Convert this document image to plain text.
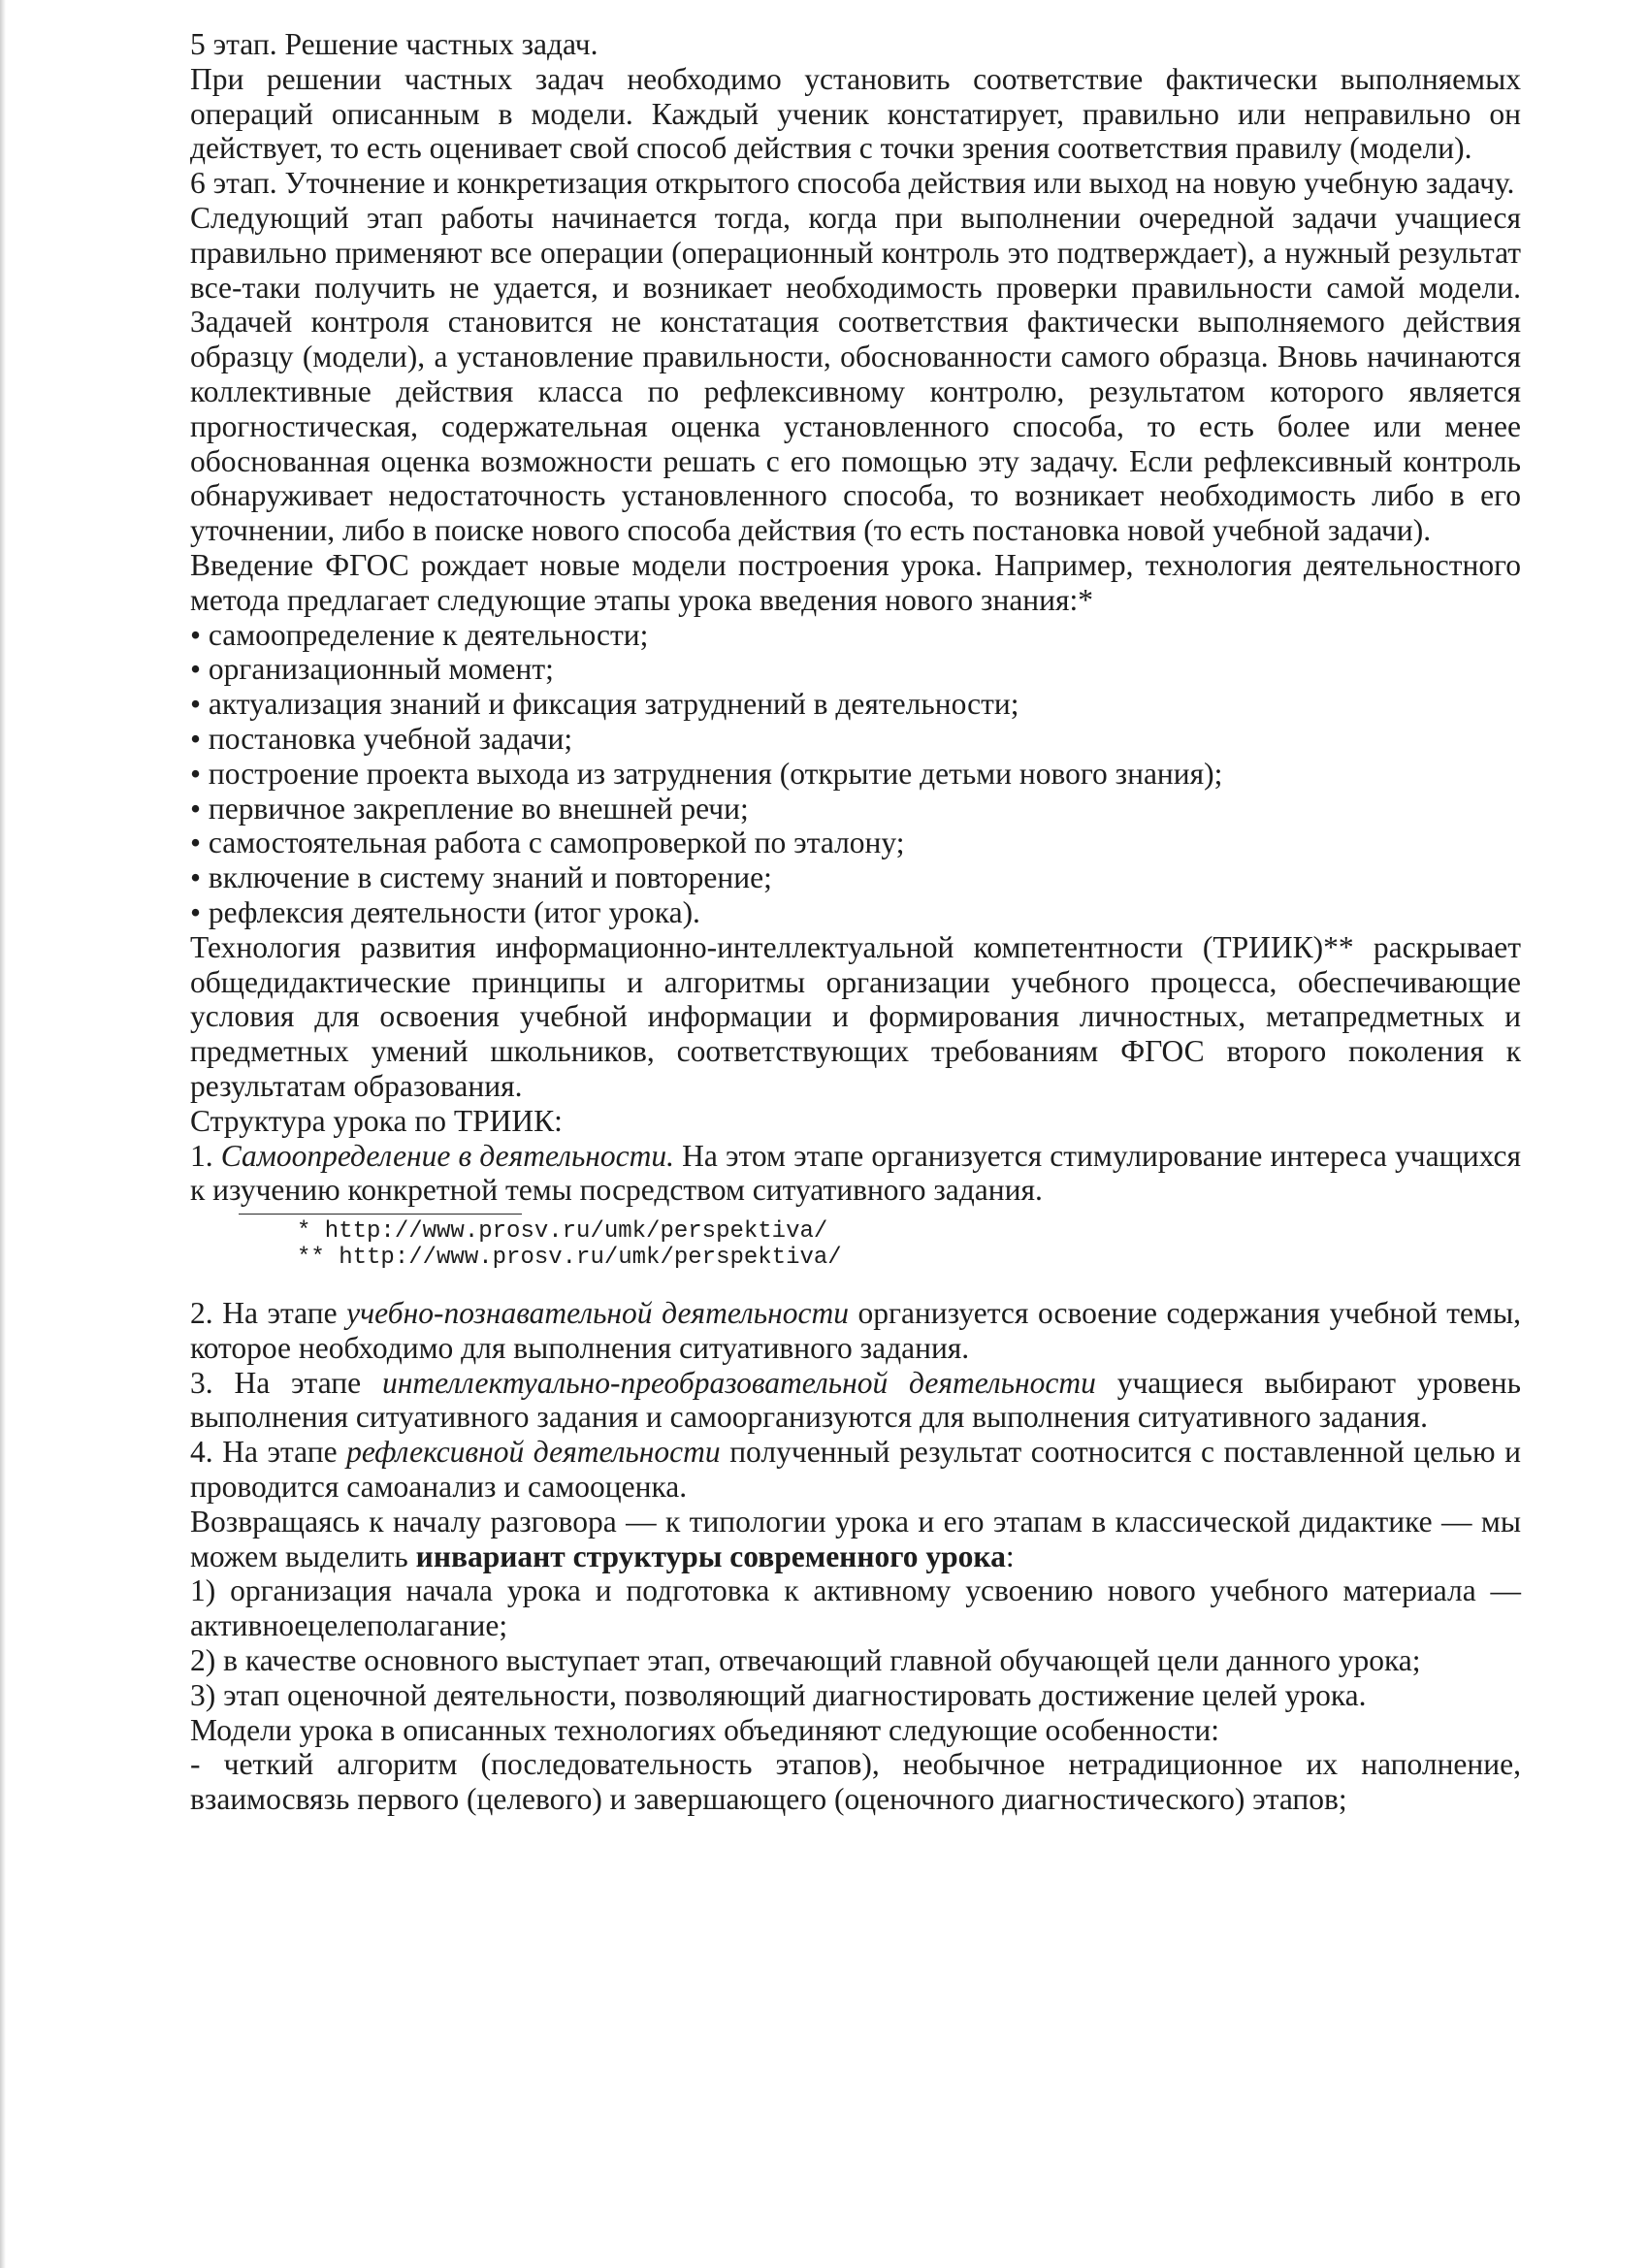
5 этап. Решение частных задач.

При решении частных задач необходимо установить соответствие фактически выполняемых операций описанным в модели. Каждый ученик констатирует, правильно или неправильно он действует, то есть оценивает свой способ действия с точки зрения соответствия правилу (модели).

6 этап. Уточнение и конкретизация открытого способа действия или выход на новую учебную задачу.

Следующий этап работы начинается тогда, когда при выполнении очередной задачи учащиеся правильно применяют все операции (операционный контроль это подтверждает), а нужный результат все-таки получить не удается, и возникает необходимость проверки правильности самой модели. Задачей контроля становится не констатация соответствия фактически выполняемого действия образцу (модели), а установление правильности, обоснованности самого образца. Вновь начинаются коллективные действия класса по рефлексивному контролю, результатом которого является прогностическая, содержательная оценка установленного способа, то есть более или менее обоснованная оценка возможности решать с его помощью эту задачу. Если рефлексивный контроль обнаруживает недостаточность установленного способа, то возникает необходимость либо в его уточнении, либо в поиске нового способа действия (то есть постановка новой учебной задачи).

Введение ФГОС рождает новые модели построения урока. Например, технология деятельностного метода предлагает следующие этапы урока введения нового знания:*

• самоопределение к деятельности;
• организационный момент;
• актуализация знаний и фиксация затруднений в деятельности;
• постановка учебной задачи;
• построение проекта выхода из затруднения (открытие детьми нового знания);
• первичное закрепление во внешней речи;
• самостоятельная работа с самопроверкой по эталону;
• включение в систему знаний и повторение;
• рефлексия деятельности (итог урока).

Технология развития информационно-интеллектуальной компетентности (ТРИИК)** раскрывает общедидактические принципы и алгоритмы организации учебного процесса, обеспечивающие условия для освоения учебной информации и формирования личностных, метапредметных и предметных умений школьников, соответствующих требованиям ФГОС второго поколения к результатам образования.

Структура урока по ТРИИК:

1. Самоопределение в деятельности. На этом этапе организуется стимулирование интереса учащихся к изучению конкретной темы посредством ситуативного задания.

* http://www.prosv.ru/umk/perspektiva/
** http://www.prosv.ru/umk/perspektiva/

2. На этапе учебно-познавательной деятельности организуется освоение содержания учебной темы, которое необходимо для выполнения ситуативного задания.

3. На этапе интеллектуально-преобразовательной деятельности учащиеся выбирают уровень выполнения ситуативного задания и самоорганизуются для выполнения ситуативного задания.

4. На этапе рефлексивной деятельности полученный результат соотносится с поставленной целью и проводится самоанализ и самооценка.

Возвращаясь к началу разговора — к типологии урока и его этапам в классической дидактике — мы можем выделить инвариант структуры современного урока:

1) организация начала урока и подготовка к активному усвоению нового учебного материала — активноецелеполагание;

2) в качестве основного выступает этап, отвечающий главной обучающей цели данного урока;

3) этап оценочной деятельности, позволяющий диагностировать достижение целей урока.

Модели урока в описанных технологиях объединяют следующие особенности:

- четкий алгоритм (последовательность этапов), необычное нетрадиционное их наполнение, взаимосвязь первого (целевого) и завершающего (оценочного диагностического) этапов;
